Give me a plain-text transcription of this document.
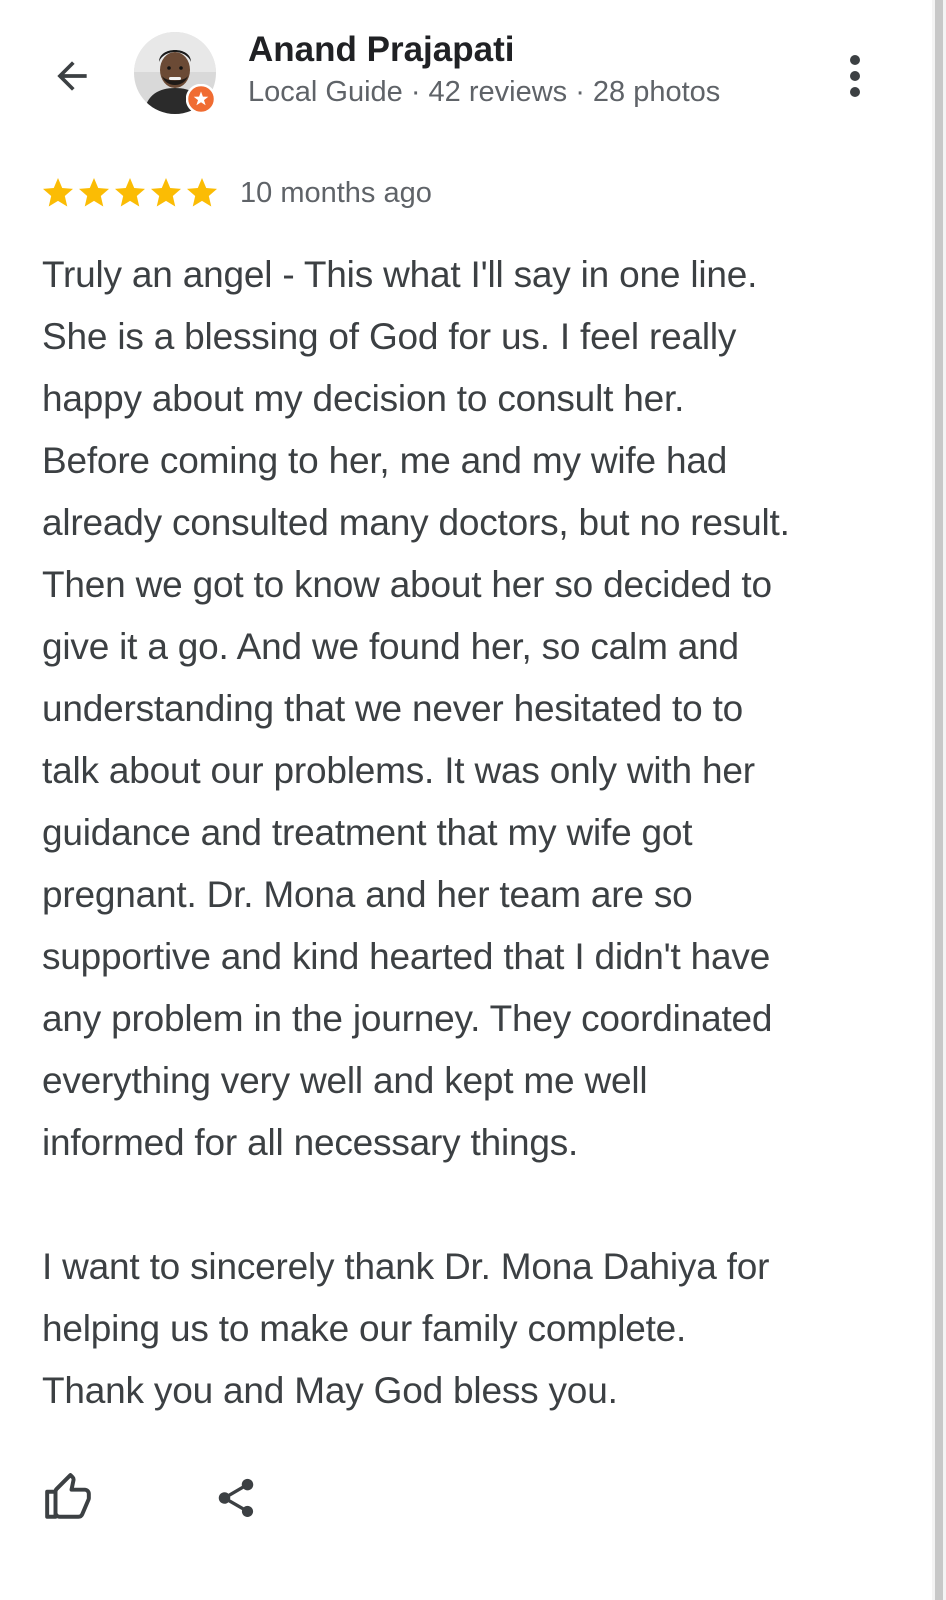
Anand Prajapati
Local Guide · 42 reviews · 28 photos
10 months ago

Truly an angel - This what I'll say in one line.
She is a blessing of God for us. I feel really
happy about my decision to consult her.
Before coming to her, me and my wife had
already consulted many doctors, but no result.
Then we got to know about her so decided to
give it a go. And we found her, so calm and
understanding that we never hesitated to to
talk about our problems. It was only with her
guidance and treatment that my wife got
pregnant. Dr. Mona and her team are so
supportive and kind hearted that I didn't have
any problem in the journey. They coordinated
everything very well and kept me well
informed for all necessary things.

I want to sincerely thank Dr. Mona Dahiya for
helping us to make our family complete.
Thank you and May God bless you.
